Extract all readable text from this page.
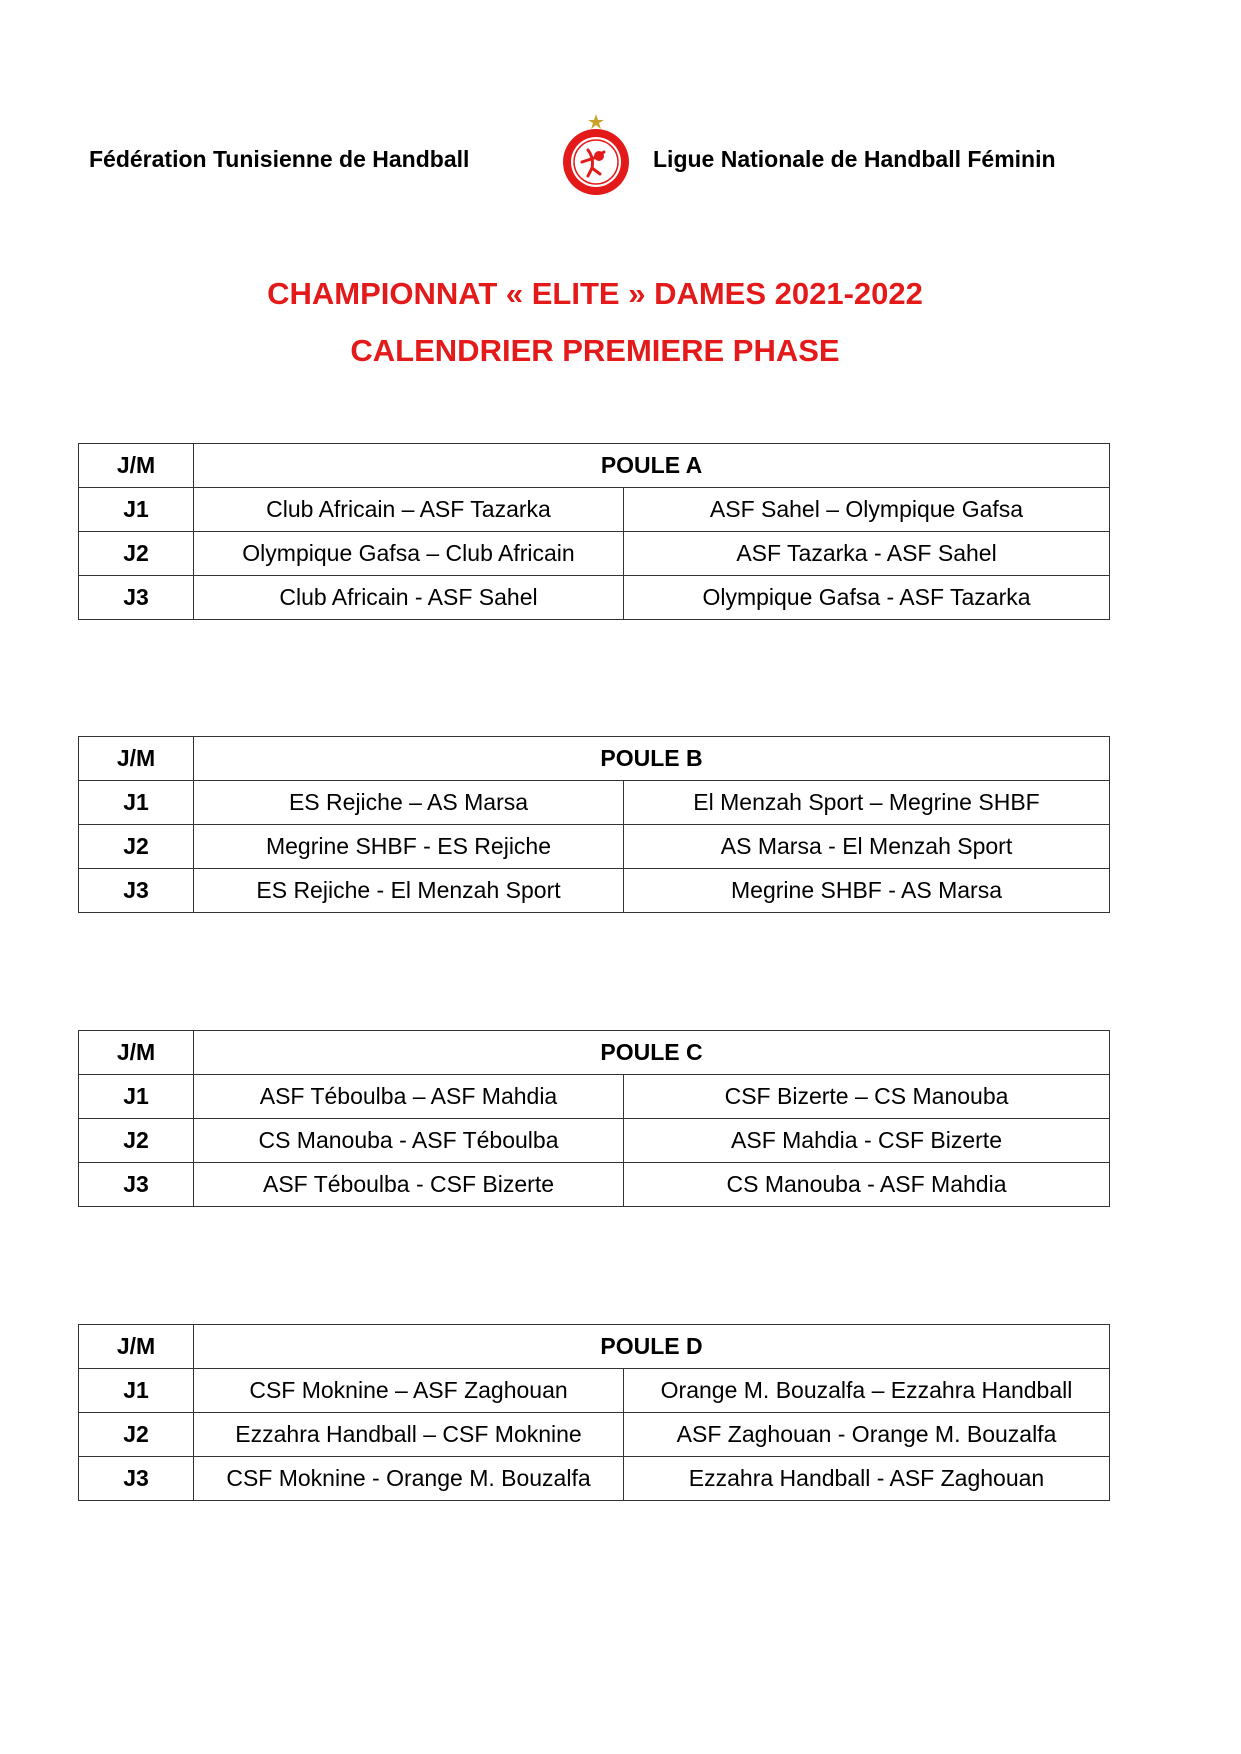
Fédération Tunisienne de Handball	Ligue Nationale de Handball Féminin
CHAMPIONNAT « ELITE » DAMES 2021-2022
CALENDRIER PREMIERE PHASE
J/M	POULE A	
J1	Club Africain – ASF Tazarka	ASF Sahel – Olympique Gafsa
J2	Olympique Gafsa – Club Africain	ASF Tazarka - ASF Sahel
J3	Club Africain - ASF Sahel	Olympique Gafsa - ASF Tazarka
J/M	POULE B	
J1	ES Rejiche – AS Marsa	El Menzah Sport – Megrine SHBF
J2	Megrine SHBF - ES Rejiche	AS Marsa - El Menzah Sport
J3	ES Rejiche - El Menzah Sport	Megrine SHBF - AS Marsa
J/M	POULE C	
J1	ASF Téboulba – ASF Mahdia	CSF Bizerte – CS Manouba
J2	CS Manouba - ASF Téboulba	ASF Mahdia - CSF Bizerte
J3	ASF Téboulba - CSF Bizerte	CS Manouba - ASF Mahdia
J/M	POULE D	
J1	CSF Moknine – ASF Zaghouan	Orange M. Bouzalfa – Ezzahra Handball
J2	Ezzahra Handball – CSF Moknine	ASF Zaghouan - Orange M. Bouzalfa
J3	CSF Moknine - Orange M. Bouzalfa	Ezzahra Handball - ASF Zaghouan
